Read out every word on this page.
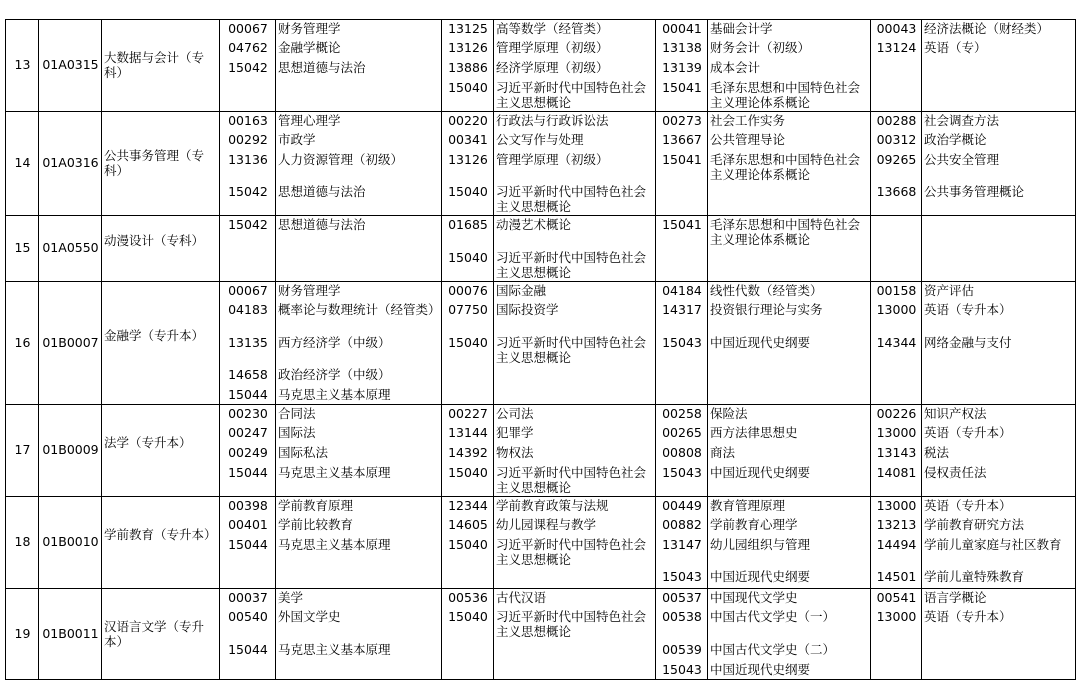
13 01A0315 大数据与会计（专科）
00067 财务管理学
04762 金融学概论
15042 思想道德与法治
13125 高等数学（经管类）
13126 管理学原理（初级）
13886 经济学原理（初级）
15040 习近平新时代中国特色社会主义思想概论
00041 基础会计学
13138 财务会计（初级）
13139 成本会计
15041 毛泽东思想和中国特色社会主义理论体系概论
00043 经济法概论（财经类）
13124 英语（专）
14 01A0316 公共事务管理（专科）
00163 管理心理学
00292 市政学
13136 人力资源管理（初级）
15042 思想道德与法治
00220 行政法与行政诉讼法
00341 公文写作与处理
13126 管理学原理（初级）
15040 习近平新时代中国特色社会主义思想概论
00273 社会工作实务
13667 公共管理导论
15041 毛泽东思想和中国特色社会主义理论体系概论
00288 社会调查方法
00312 政治学概论
09265 公共安全管理
13668 公共事务管理概论
15 01A0550 动漫设计（专科）
15042 思想道德与法治	01685 动漫艺术概论
15040 习近平新时代中国特色社会主义思想概论
15041 毛泽东思想和中国特色社会主义理论体系概论
16 01B0007 金融学（专升本）
00067 财务管理学
04183 概率论与数理统计（经管类）
13135 西方经济学（中级）
14658 政治经济学（中级）
15044 马克思主义基本原理
00076 国际金融
07750 国际投资学
15040 习近平新时代中国特色社会主义思想概论
04184 线性代数（经管类）
14317 投资银行理论与实务
15043 中国近现代史纲要
00158 资产评估
13000 英语（专升本）
14344 网络金融与支付
17 01B0009 法学（专升本）
00230 合同法
00247 国际法
00249 国际私法
15044 马克思主义基本原理
00227 公司法
13144 犯罪学
14392 物权法
15040 习近平新时代中国特色社会主义思想概论
00258 保险法
00265 西方法律思想史
00808 商法
15043 中国近现代史纲要
00226 知识产权法
13000 英语（专升本）
13143 税法
14081 侵权责任法
18 01B0010 学前教育（专升本）
00398 学前教育原理
00401 学前比较教育
15044 马克思主义基本原理
12344 学前教育政策与法规
14605 幼儿园课程与教学
15040 习近平新时代中国特色社会主义思想概论
00449 教育管理原理
00882 学前教育心理学
13147 幼儿园组织与管理
15043 中国近现代史纲要
13000 英语（专升本）
13213 学前教育研究方法
14494 学前儿童家庭与社区教育
14501 学前儿童特殊教育
19 01B0011 汉语言文学（专升本）
00037 美学
00540 外国文学史
15044 马克思主义基本原理
00536 古代汉语
15040 习近平新时代中国特色社会主义思想概论
00537 中国现代文学史
00538 中国古代文学史（一）
00539 中国古代文学史（二）
15043 中国近现代史纲要
00541 语言学概论
13000 英语（专升本）
